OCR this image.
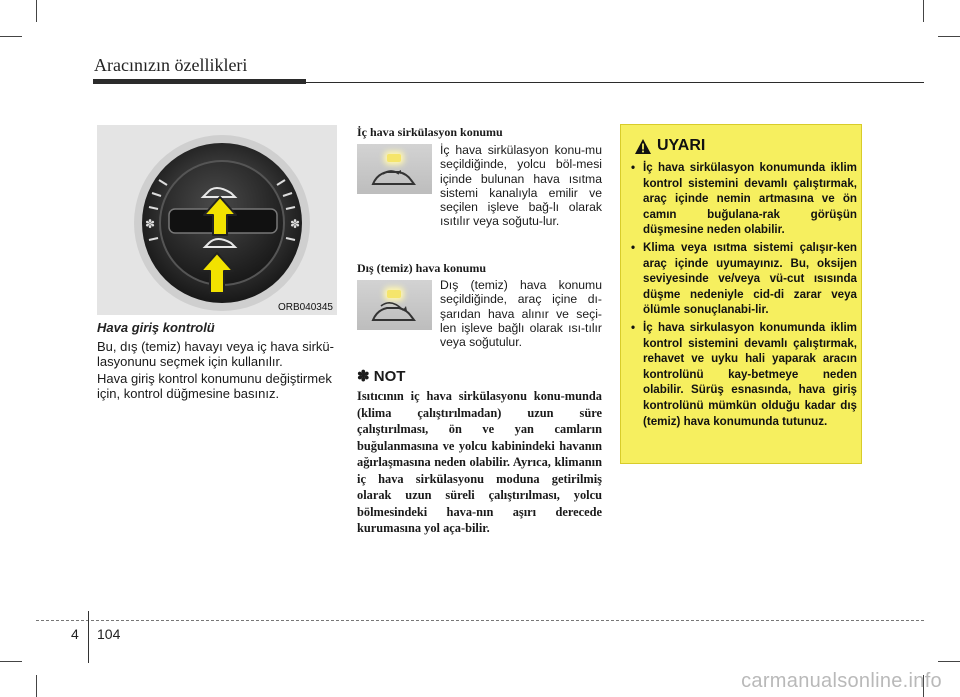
Aracınızın özellikleri
✽	✽
ORB040345
Hava giriş kontrolü
Bu, dış (temiz) havayı veya iç hava sirkü-lasyonunu seçmek için kullanılır.
Hava giriş kontrol konumunu değiştirmek için, kontrol düğmesine basınız.
İç hava sirkülasyon konumu
İç hava sirkülasyon konu-mu seçildiğinde, yolcu böl-mesi içinde bulunan hava ısıtma sistemi kanalıyla emilir ve seçilen işleve bağ-lı olarak ısıtılır veya soğutu-lur.
Dış (temiz) hava konumu
Dış (temiz) hava konumu seçildiğinde, araç içine dı-şarıdan hava alınır ve seçi-len işleve bağlı olarak ısı-tılır veya soğutulur.
✽ NOT
Isıtıcının iç hava sirkülasyonu konu-munda (klima çalıştırılmadan) uzun süre çalıştırılması, ön ve yan camların buğulanmasına ve yolcu kabinindeki havanın ağırlaşmasına neden olabilir. Ayrıca, klimanın iç hava sirkülasyonu moduna getirilmiş olarak uzun süreli çalıştırılması, yolcu bölmesindeki hava-nın aşırı derecede kurumasına yol aça-bilir.
UYARI
• İç hava sirkülasyon konumunda iklim kontrol sistemini devamlı çalıştırmak, araç içinde nemin artmasına ve ön camın buğulana-rak görüşün düşmesine neden olabilir.
• Klima veya ısıtma sistemi çalışır-ken araç içinde uyumayınız. Bu, oksijen seviyesinde ve/veya vü-cut ısısında düşme nedeniyle cid-di zarar veya ölümle sonuçlanabi-lir.
• İç hava sirkulasyon konumunda iklim kontrol sistemini devamlı çalıştırmak, rehavet ve uyku hali yaparak aracın kontrolünü kay-betmeye neden olabilir. Sürüş esnasında, hava giriş kontrolünü mümkün olduğu kadar dış (temiz) hava konumunda tutunuz.
4 104
carmanualsonline.info
